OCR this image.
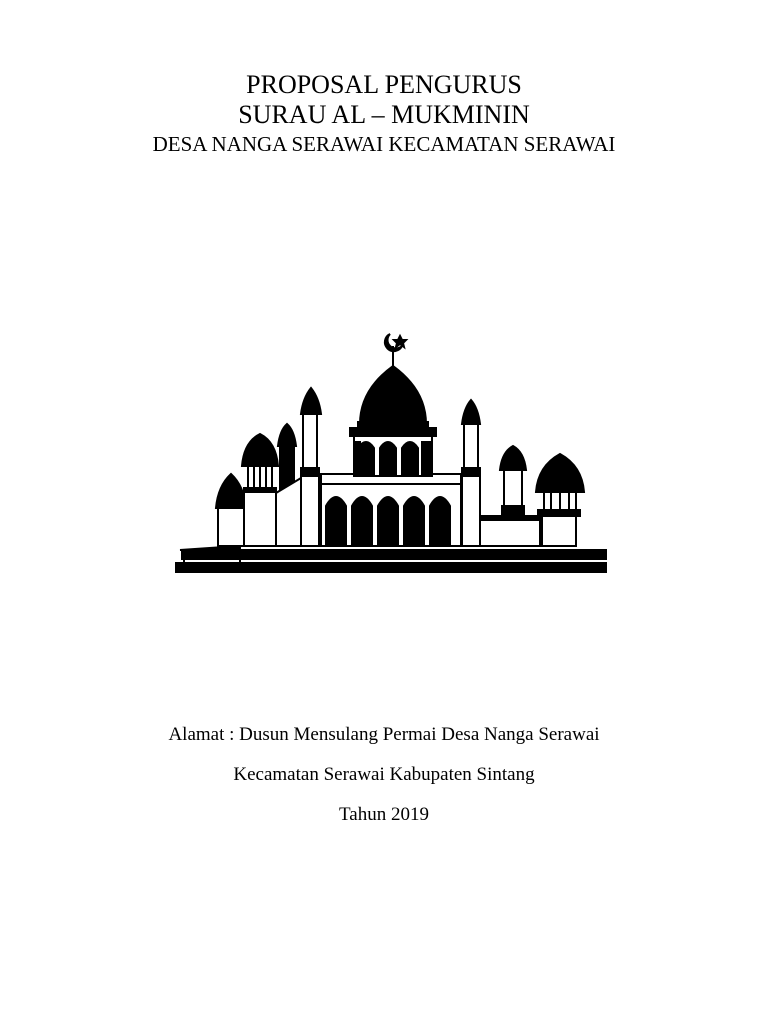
PROPOSAL PENGURUS
SURAU AL – MUKMININ
DESA NANGA SERAWAI KECAMATAN SERAWAI
Alamat : Dusun Mensulang Permai Desa Nanga Serawai
Kecamatan Serawai Kabupaten Sintang
Tahun 2019
